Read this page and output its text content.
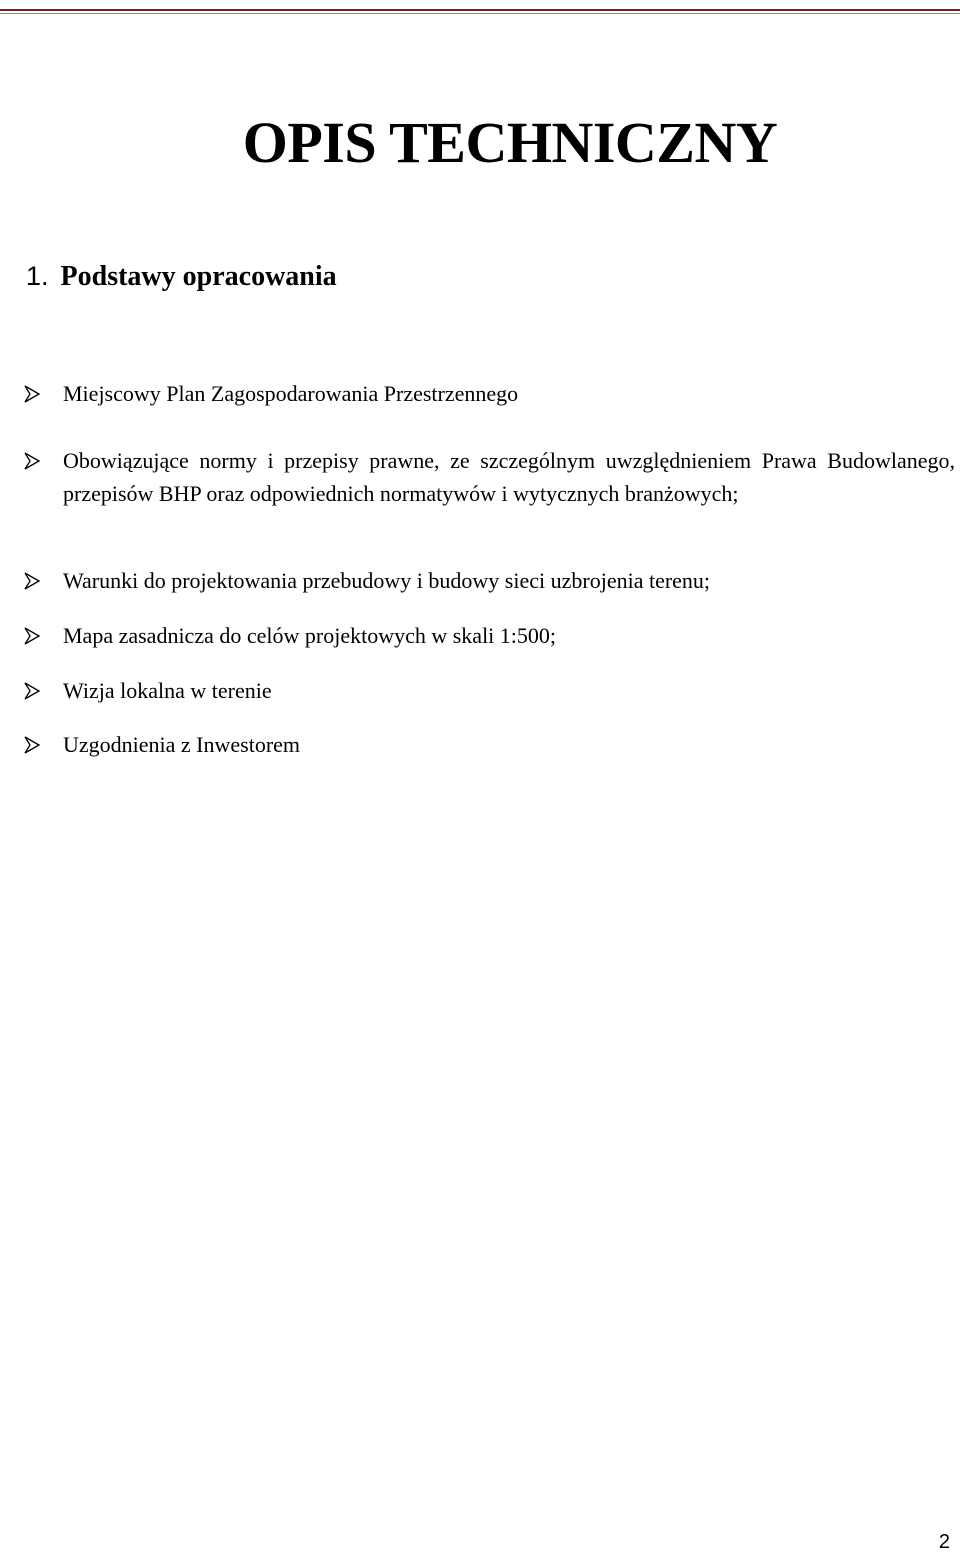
OPIS TECHNICZNY
1. Podstawy opracowania
Miejscowy Plan Zagospodarowania Przestrzennego
Obowiązujące normy i przepisy prawne, ze szczególnym uwzględnieniem Prawa Budowlanego, przepisów BHP oraz odpowiednich normatywów i wytycznych branżowych;
Warunki do projektowania przebudowy i budowy sieci uzbrojenia terenu;
Mapa zasadnicza do celów projektowych w skali 1:500;
Wizja lokalna w terenie
Uzgodnienia z Inwestorem
2
